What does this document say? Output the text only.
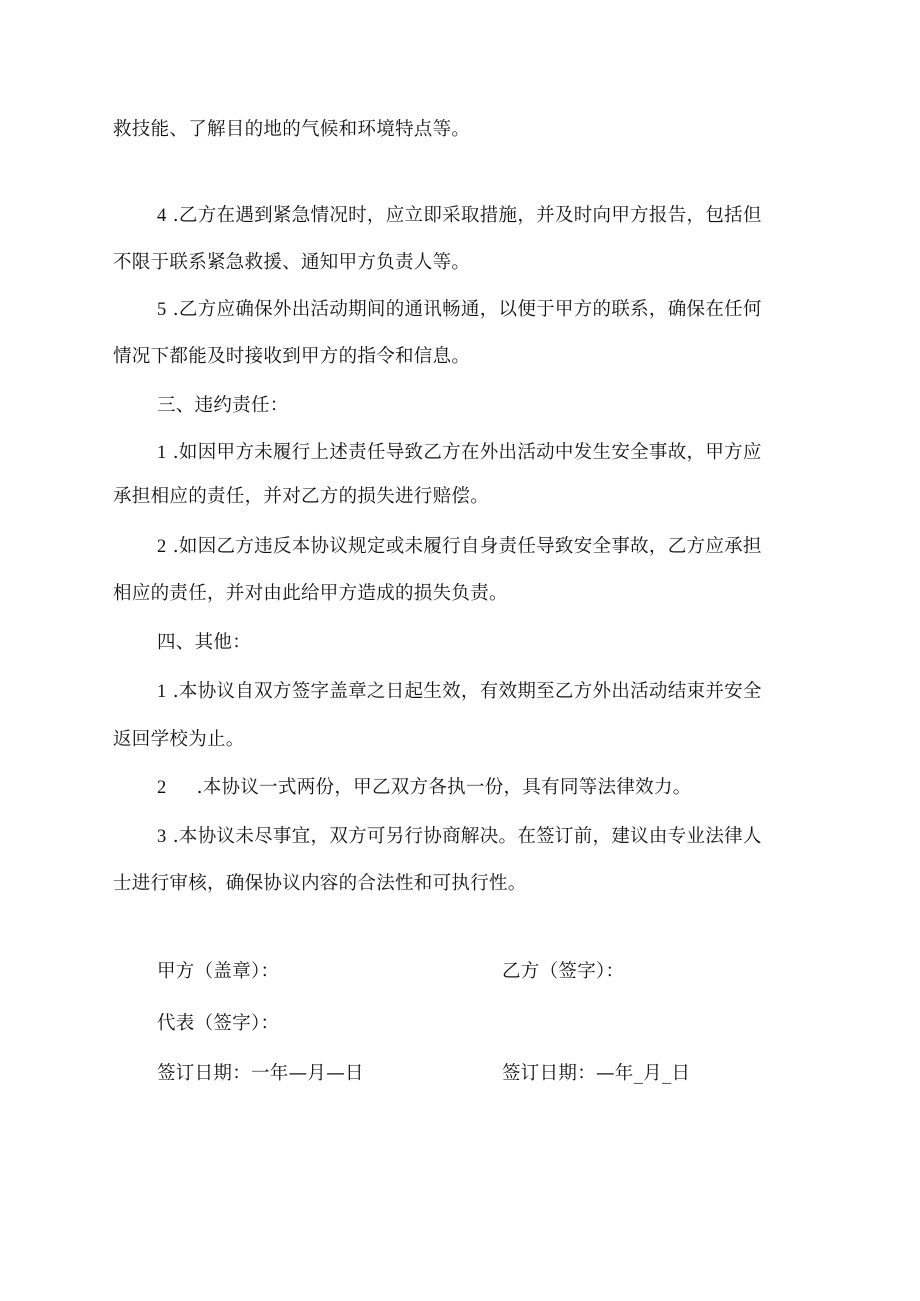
救技能、了解目的地的气候和环境特点等。
4 .乙方在遇到紧急情况时，应立即采取措施，并及时向甲方报告，包括但
不限于联系紧急救援、通知甲方负责人等。
5 .乙方应确保外出活动期间的通讯畅通，以便于甲方的联系，确保在任何
情况下都能及时接收到甲方的指令和信息。
三、违约责任：
1 .如因甲方未履行上述责任导致乙方在外出活动中发生安全事故，甲方应
承担相应的责任，并对乙方的损失进行赔偿。
2 .如因乙方违反本协议规定或未履行自身责任导致安全事故，乙方应承担
相应的责任，并对由此给甲方造成的损失负责。
四、其他：
1 .本协议自双方签字盖章之日起生效，有效期至乙方外出活动结束并安全
返回学校为止。
2 .本协议一式两份，甲乙双方各执一份，具有同等法律效力。
3 .本协议未尽事宜，双方可另行协商解决。在签订前，建议由专业法律人
士进行审核，确保协议内容的合法性和可执行性。
甲方（盖章）：	乙方（签字）：
代表（签字）：
签订日期：一年—月—日	签订日期：—年_月_日
